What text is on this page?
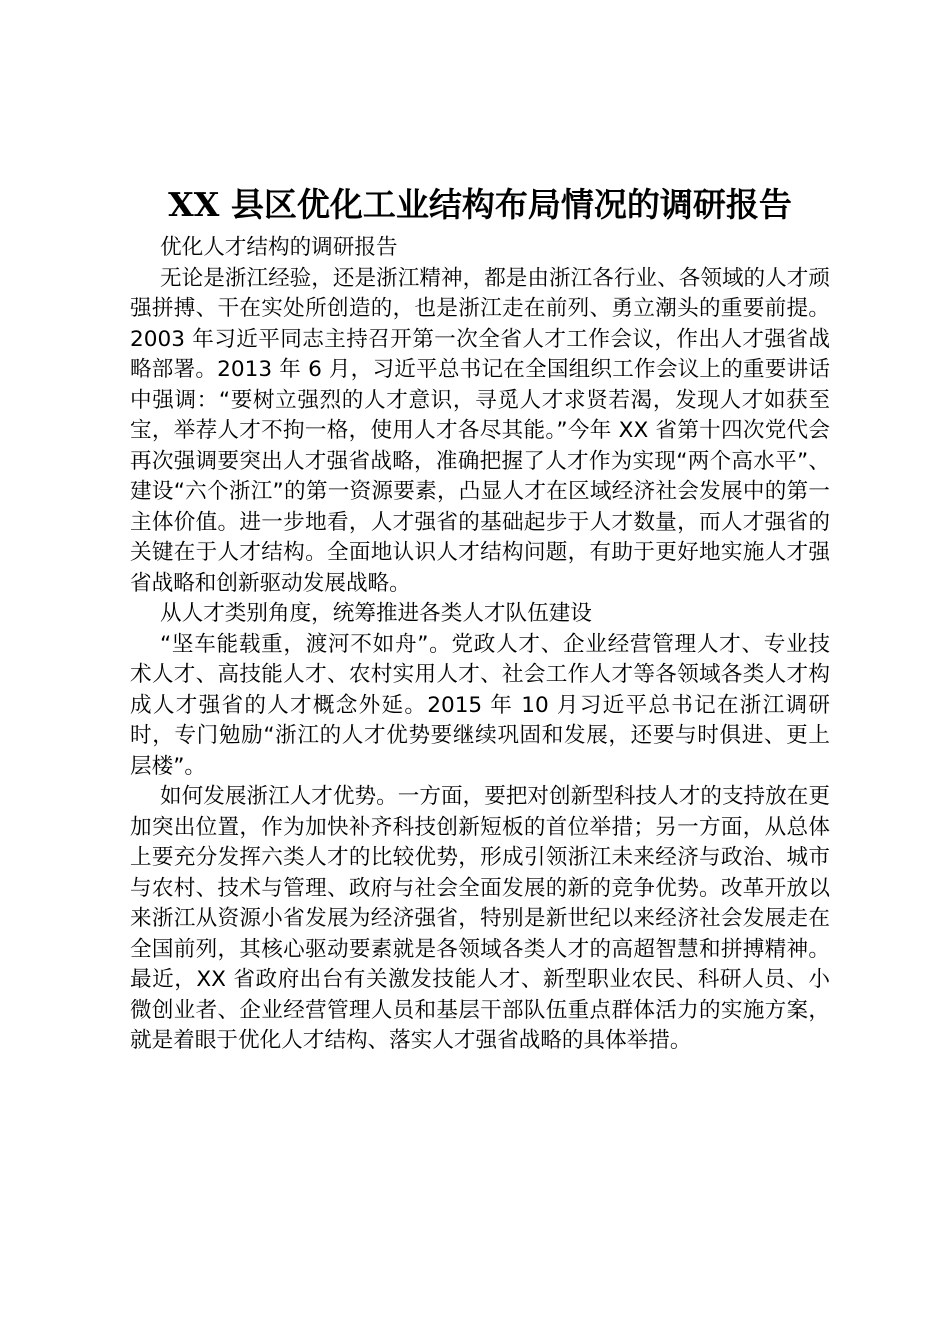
XX 县区优化工业结构布局情况的调研报告

优化人才结构的调研报告

无论是浙江经验，还是浙江精神，都是由浙江各行业、各领域的人才顽强拼搏、干在实处所创造的，也是浙江走在前列、勇立潮头的重要前提。2003 年习近平同志主持召开第一次全省人才工作会议，作出人才强省战略部署。2013 年 6 月，习近平总书记在全国组织工作会议上的重要讲话中强调：“要树立强烈的人才意识，寻觅人才求贤若渴，发现人才如获至宝，举荐人才不拘一格，使用人才各尽其能。”今年 XX 省第十四次党代会再次强调要突出人才强省战略，准确把握了人才作为实现“两个高水平”、建设“六个浙江”的第一资源要素，凸显人才在区域经济社会发展中的第一主体价值。进一步地看，人才强省的基础起步于人才数量，而人才强省的关键在于人才结构。全面地认识人才结构问题，有助于更好地实施人才强省战略和创新驱动发展战略。

从人才类别角度，统筹推进各类人才队伍建设

“坚车能载重，渡河不如舟”。党政人才、企业经营管理人才、专业技术人才、高技能人才、农村实用人才、社会工作人才等各领域各类人才构成人才强省的人才概念外延。2015 年 10 月习近平总书记在浙江调研时，专门勉励“浙江的人才优势要继续巩固和发展，还要与时俱进、更上层楼”。

如何发展浙江人才优势。一方面，要把对创新型科技人才的支持放在更加突出位置，作为加快补齐科技创新短板的首位举措；另一方面，从总体上要充分发挥六类人才的比较优势，形成引领浙江未来经济与政治、城市与农村、技术与管理、政府与社会全面发展的新的竞争优势。改革开放以来浙江从资源小省发展为经济强省，特别是新世纪以来经济社会发展走在全国前列，其核心驱动要素就是各领域各类人才的高超智慧和拼搏精神。最近，XX 省政府出台有关激发技能人才、新型职业农民、科研人员、小微创业者、企业经营管理人员和基层干部队伍重点群体活力的实施方案，就是着眼于优化人才结构、落实人才强省战略的具体举措。
